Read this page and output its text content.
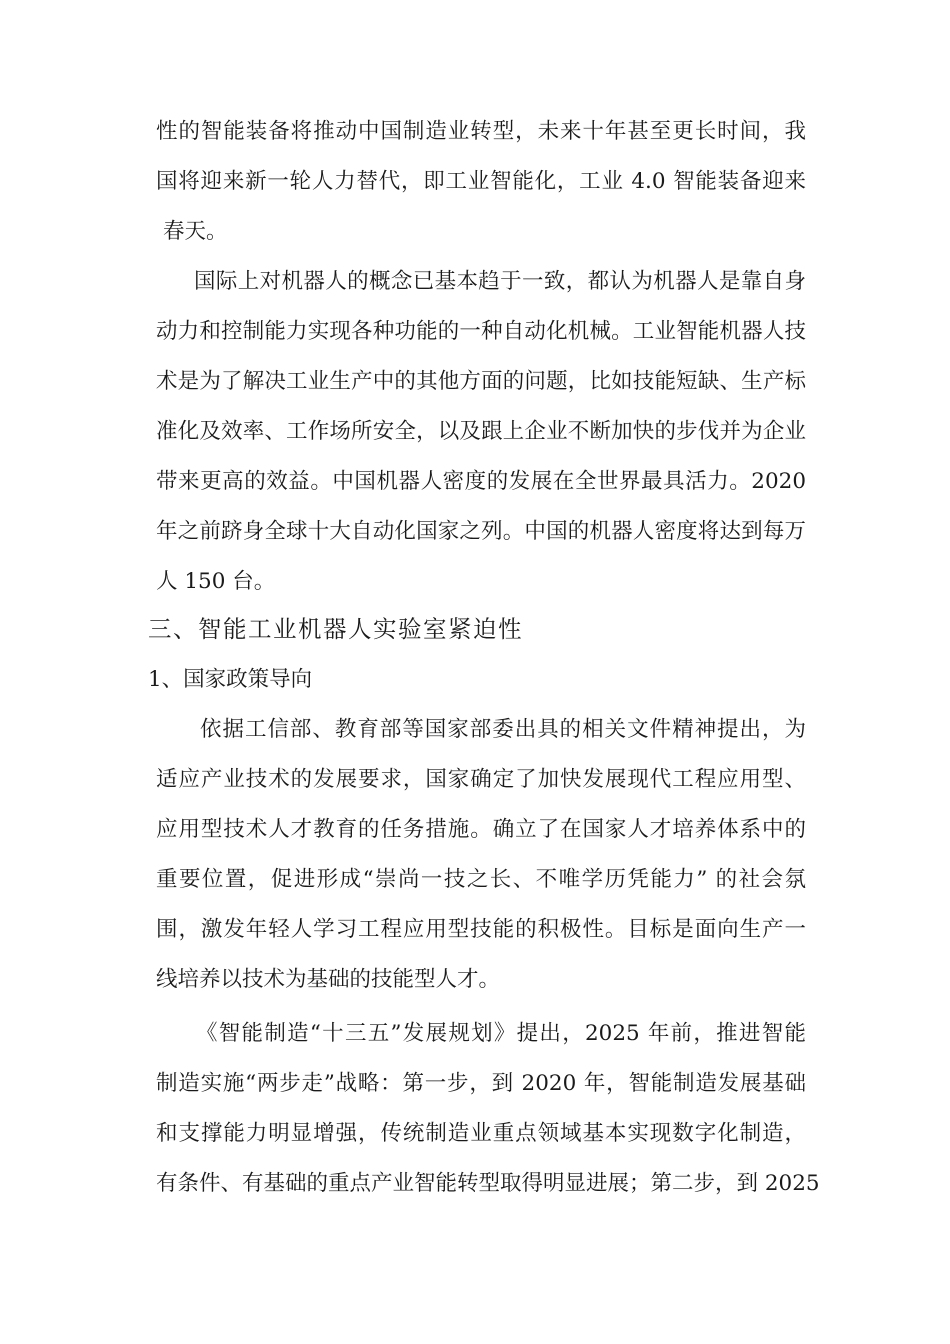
性的智能装备将推动中国制造业转型，未来十年甚至更长时间，我
国将迎来新一轮人力替代，即工业智能化，工业 4.0 智能装备迎来
春天。
国际上对机器人的概念已基本趋于一致，都认为机器人是靠自身
动力和控制能力实现各种功能的一种自动化机械。工业智能机器人技
术是为了解决工业生产中的其他方面的问题，比如技能短缺、生产标
准化及效率、工作场所安全，以及跟上企业不断加快的步伐并为企业
带来更高的效益。中国机器人密度的发展在全世界最具活力。2020
年之前跻身全球十大自动化国家之列。中国的机器人密度将达到每万
人 150 台。
三、智能工业机器人实验室紧迫性
1、国家政策导向
依据工信部、教育部等国家部委出具的相关文件精神提出，为
适应产业技术的发展要求，国家确定了加快发展现代工程应用型、
应用型技术人才教育的任务措施。确立了在国家人才培养体系中的
重要位置，促进形成“崇尚一技之长、不唯学历凭能力” 的社会氛
围，激发年轻人学习工程应用型技能的积极性。目标是面向生产一
线培养以技术为基础的技能型人才。
《智能制造“十三五”发展规划》提出，2025 年前，推进智能
制造实施“两步走”战略：第一步，到 2020 年，智能制造发展基础
和支撑能力明显增强，传统制造业重点领域基本实现数字化制造，
有条件、有基础的重点产业智能转型取得明显进展；第二步，到 2025
